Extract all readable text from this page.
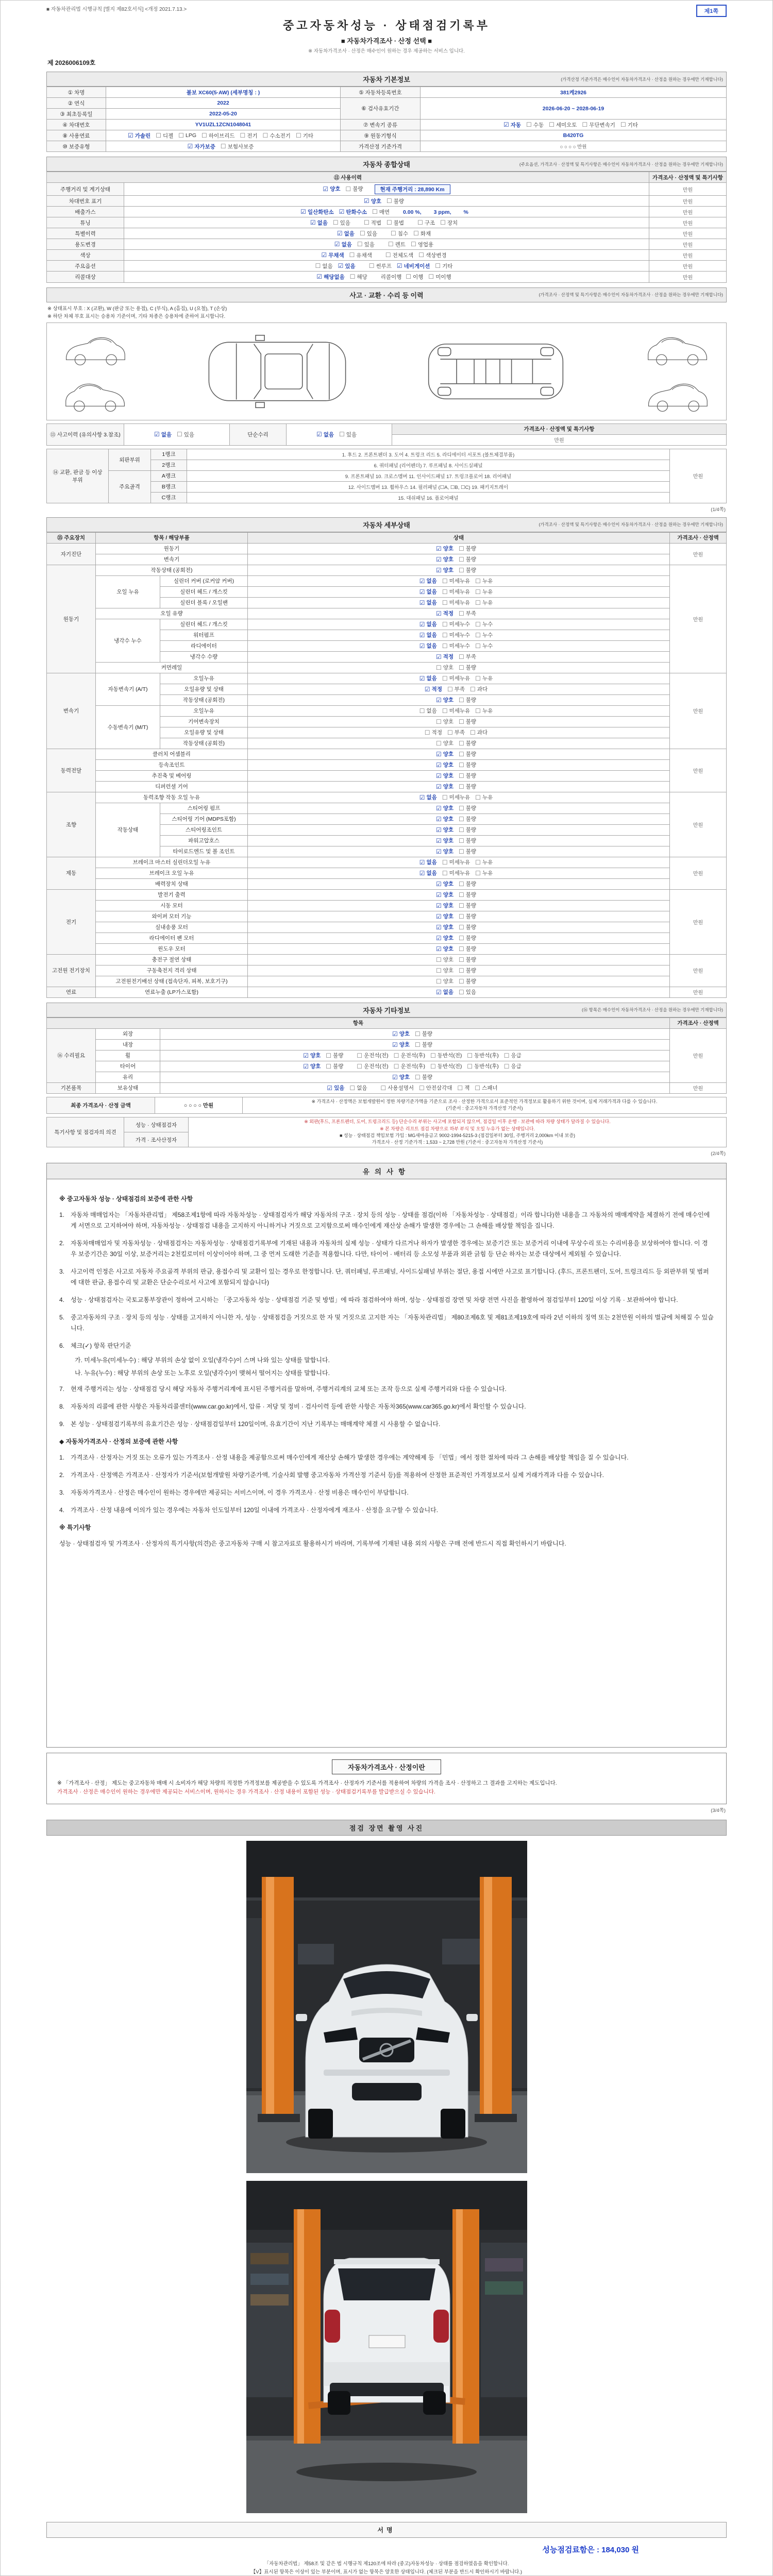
■ 자동차관리법 시행규칙 [별지 제82호서식] <개정 2021.7.13.>	제1쪽
중고자동차성능 · 상태점검기록부
■ 자동차가격조사 · 산정 선택 ■
※ 자동차가격조사 · 산정은 매수인이 원하는 경우 제공하는 서비스 입니다.
제 2026006109호
자동차 기본정보	(가격산정 기준가격은 매수인이 자동차가격조사 · 산정을 원하는 경우에만 기재합니다)
① 차명	볼보 XC60(5·AW) (세부명칭 : )	⑤ 자동차등록번호	381케2926
② 연식	2022	⑥ 검사유효기간	2026-06-20 ~ 2028-06-19
③ 최초등록일	2022-05-20		
④ 차대번호	YV1UZL1ZCN1048041	⑦ 변속기 종류	☑ 자동 ☐ 수동 ☐ 세미오토 ☐ 무단변속기 ☐ 기타

⑧ 사용연료	☑ 가솔린 ☐ 디젤 ☐ LPG ☐ 하이브리드 ☐ 전기 ☐ 수소전기 ☐ 기타	⑨ 원동기형식	B420TG
⑩ 보증유형	☑ 자가보증 ☐ 보험사보증	가격산정 기준가격	○ ○ ○ ○ 만원
자동차 종합상태	(주요옵션, 가격조사 · 산정액 및 특기사항은 매수인이 자동차가격조사 · 산정을 원하는 경우에만 기재합니다)
⑪ 사용이력		가격조사 · 산정액 및 특기사항
주행거리 및 계기상태	☑ 양호 ☐ 불량 현재 주행거리 : 28,890 Km	만원
차대번호 표기	☑ 양호 ☐ 불량	만원
배출가스	☑ 일산화탄소 ☑ 탄화수소 ☐ 매연 0.00 %, 3 ppm, %	만원
튜닝	☑ 없음 ☐ 있음 ☐ 적법 ☐ 불법 ☐ 구조 ☐ 장치	만원
특별이력	☑ 없음 ☐ 있음 ☐ 침수 ☐ 화재	만원
용도변경	☑ 없음 ☐ 있음 ☐ 렌트 ☐ 영업용	만원
색상	☑ 무채색 ☐ 유채색 ☐ 전체도색 ☐ 색상변경	만원
주요옵션	☐ 없음 ☑ 있음 ☐ 썬루프 ☑ 네비게이션 ☐ 기타	만원
리콜대상	☑ 해당없음 ☐ 해당 리콜이행 ☐ 이행 ☐ 미이행	만원
사고 · 교환 · 수리 등 이력	(가격조사 · 산정액 및 특기사항은 매수인이 자동차가격조사 · 산정을 원하는 경우에만 기재합니다)
※ 상태표시 부호 : X (교환), W (판금 또는 용접), C (부식), A (흠집), U (요철), T (손상)
※ 하단 차체 부호 표시는 승용차 기준이며, 기타 차종은 승용차에 준하여 표시합니다.
⑬ 사고이력 (유의사항 3.참조)	☑ 없음 ☐ 있음	단순수리	☑ 없음 ☐ 있음
	가격조사 · 산정액 및 특기사항
만원
⑭ 교환, 판금 등 이상 부위	외판부위	1랭크	1. 후드 2. 프론트펜더 3. 도어 4. 트렁크 리드 5. 라디에이터 서포트 (볼트체결부품)	만원
		2랭크	6. 쿼터패널 (리어펜더) 7. 루프패널 8. 사이드실패널	
	주요골격	A랭크	9. 프론트패널 10. 크로스멤버 11. 인사이드패널 17. 트렁크플로어 18. 리어패널	
		B랭크	12. 사이드멤버 13. 휠하우스 14. 필러패널 (☐A, ☐B, ☐C) 19. 패키지트레이	
		C랭크	15. 대쉬패널 16. 플로어패널	
(1/4쪽)
자동차 세부상태	(가격조사 · 산정액 및 특기사항은 매수인이 자동차가격조사 · 산정을 원하는 경우에만 기재합니다)
⑮ 주요장치	항목 / 해당부품		상태	가격조사 · 산정액
자기진단	원동기		☑ 양호 ☐ 불량	만원
	변속기		☑ 양호 ☐ 불량	

원동기	작동상태 (공회전)		☑ 양호 ☐ 불량	만원
오일 누유	실린더 커버 (로커암 커버)	☑ 없음 ☐ 미세누유 ☐ 누유

실린더 헤드 / 개스킷	☑ 없음 ☐ 미세누유 ☐ 누유

실린더 블록 / 오일팬	☑ 없음 ☐ 미세누유 ☐ 누유

	오일 유량		☑ 적정 ☐ 부족	

냉각수 누수	실린더 헤드 / 개스킷	☑ 없음 ☐ 미세누수 ☐ 누수

워터펌프	☑ 없음 ☐ 미세누수 ☐ 누수

라디에이터	☑ 없음 ☐ 미세누수 ☐ 누수

		냉각수 수량	☑ 적정 ☐ 부족	

	커먼레일		☐ 양호 ☐ 불량	

변속기	자동변속기 (A/T)	오일누유	☑ 없음 ☐ 미세누유 ☐ 누유
	만원
오일유량 및 상태	☑ 적정 ☐ 부족 ☐ 과다

		작동상태 (공회전)	☑ 양호 ☐ 불량	

수동변속기 (M/T)	오일누유	☐ 없음 ☐ 미세누유 ☐ 누유

		기어변속장치	☐ 양호 ☐ 불량	

오일유량 및 상태	☐ 적정 ☐ 부족 ☐ 과다

		작동상태 (공회전)	☐ 양호 ☐ 불량	

동력전달	클러치 어셈블리		☑ 양호 ☐ 불량	만원
	등속조인트		☑ 양호 ☐ 불량	

	추진축 및 베어링		☑ 양호 ☐ 불량	

	디퍼런셜 기어		☑ 양호 ☐ 불량	

조향	동력조향 작동 오일 누유	☑ 없음 ☐ 미세누유 ☐ 누유
	만원
	작동상태	스티어링 펌프	☑ 양호 ☐ 불량	

		스티어링 기어 (MDPS포함)	☑ 양호 ☐ 불량	

		스티어링조인트	☑ 양호 ☐ 불량	

		파워고압호스	☑ 양호 ☐ 불량	

		타이로드엔드 및 볼 조인트	☑ 양호 ☐ 불량	

제동	브레이크 마스터 실린더오일 누유	☑ 없음 ☐ 미세누유 ☐ 누유
	만원
브레이크 오일 누유	☑ 없음 ☐ 미세누유 ☐ 누유

	배력장치 상태		☑ 양호 ☐ 불량	

전기	발전기 출력		☑ 양호 ☐ 불량	만원
	시동 모터		☑ 양호 ☐ 불량	

	와이퍼 모터 기능		☑ 양호 ☐ 불량	

	실내송풍 모터		☑ 양호 ☐ 불량	

	라디에이터 팬 모터		☑ 양호 ☐ 불량	

	윈도우 모터		☑ 양호 ☐ 불량	

고전원 전기장치	충전구 절연 상태		☐ 양호 ☐ 불량	만원
	구동축전지 격리 상태		☐ 양호 ☐ 불량	

	고전원전기배선 상태 (접속단자, 피복, 보호기구)		☐ 양호 ☐ 불량	

연료	연료누출 (LP가스포함)		☑ 없음 ☐ 있음	만원
자동차 기타정보	(⑯ 항목은 매수인이 자동차가격조사 · 산정을 원하는 경우에만 기재합니다)
항목			가격조사 · 산정액
⑯ 수리필요	외장	☑ 양호 ☐ 불량	만원
	내장	☑ 양호 ☐ 불량	

휠	☑ 양호 ☐ 불량 ☐ 운전석(전) ☐ 운전석(후) ☐ 동반석(전) ☐ 동반석(후) ☐ 응급

타이어	☑ 양호 ☐ 불량 ☐ 운전석(전) ☐ 운전석(후) ☐ 동반석(전) ☐ 동반석(후) ☐ 응급

	유리	☑ 양호 ☐ 불량	

기본품목	보유상태	☑ 있음 ☐ 없음 ☐ 사용설명서 ☐ 안전삼각대 ☐ 잭 ☐ 스패너	만원
최종 가격조사 · 산정 금액	○ ○ ○ ○ 만원	
※ 가격조사 · 산정액은 보험개발원이 정한 차량기준가액을 기준으로 조사 · 산정한 가격으로서 표준적인 가격정보로 활용하기 위한 것이며, 실제 거래가격과 다를 수 있습니다.
(기준서 : 중고자동차 가격산정 기준서)
특기사항 및 점검자의 의견	성능 · 상태점검자	
※ 외판(후드, 프론트펜더, 도어, 트렁크리드 등) 단순수리 부위는 사고에 포함되지 않으며, 점검일 이후 운행 · 보관에 따라 차량 상태가 달라질 수 있습니다.
※ 본 차량은 리프트 점검 차량으로 하부 부식 및 오일 누유가 없는 상태입니다.
■ 성능 · 상태점검 책임보험 가입 : MG새마을금고 9002-1994-5215-3 (점검일부터 30일, 주행거리 2,000km 이내 보증)
가격조사 · 산정 기준가격 : 1,533 ~ 2,728 만원 (기준서 : 중고자동차 가격산정 기준서)

가격 · 조사산정자
(2/4쪽)
유의사항
※ 중고자동차 성능 · 상태점검의 보증에 관한 사항
1. 자동차 매매업자는 「자동차관리법」 제58조제1항에 따라 자동차성능 · 상태점검자가 해당 자동차의 구조 · 장치 등의 성능 · 상태를 점검(이하 「자동차성능 · 상태점검」이라 합니다)한 내용을 그 자동차의 매매계약을 체결하기 전에 매수인에게 서면으로 고지하여야 하며, 자동차성능 · 상태점검 내용을 고지하지 아니하거나 거짓으로 고지함으로써 매수인에게 재산상 손해가 발생한 경우에는 그 손해를 배상할 책임을 집니다.
2. 자동차매매업자 및 자동차성능 · 상태점검자는 자동차성능 · 상태점검기록부에 기재된 내용과 자동차의 실제 성능 · 상태가 다르거나 하자가 발생한 경우에는 보증기간 또는 보증거리 이내에 무상수리 또는 수리비용을 보상하여야 합니다. 이 경우 보증기간은 30일 이상, 보증거리는 2천킬로미터 이상이어야 하며, 그 중 먼저 도래한 기준을 적용합니다. 다만, 타이어 · 배터리 등 소모성 부품과 외관 긁힘 등 단순 하자는 보증 대상에서 제외될 수 있습니다.
3. 사고이력 인정은 사고로 자동차 주요골격 부위의 판금, 용접수리 및 교환이 있는 경우로 한정합니다. 단, 쿼터패널, 루프패널, 사이드실패널 부위는 절단, 용접 시에만 사고로 표기합니다. (후드, 프론트펜더, 도어, 트렁크리드 등 외판부위 및 범퍼에 대한 판금, 용접수리 및 교환은 단순수리로서 사고에 포함되지 않습니다)
4. 성능 · 상태점검자는 국토교통부장관이 정하여 고시하는 「중고자동차 성능 · 상태점검 기준 및 방법」에 따라 점검하여야 하며, 성능 · 상태점검 장면 및 차량 전면 사진을 촬영하여 점검일부터 120일 이상 기록 · 보관하여야 합니다.
5. 중고자동차의 구조 · 장치 등의 성능 · 상태를 고지하지 아니한 자, 성능 · 상태점검을 거짓으로 한 자 및 거짓으로 고지한 자는 「자동차관리법」 제80조제6호 및 제81조제19호에 따라 2년 이하의 징역 또는 2천만원 이하의 벌금에 처해질 수 있습니다.
6. 체크(✓) 항목 판단기준
가. 미세누유(미세누수) : 해당 부위의 손상 없이 오일(냉각수)이 스며 나와 있는 상태를 말합니다.
나. 누유(누수) : 해당 부위의 손상 또는 노후로 오일(냉각수)이 맺혀서 떨어지는 상태를 말합니다.
7. 현재 주행거리는 성능 · 상태점검 당시 해당 자동차 주행거리계에 표시된 주행거리를 말하며, 주행거리계의 교체 또는 조작 등으로 실제 주행거리와 다를 수 있습니다.
8. 자동차의 리콜에 관한 사항은 자동차리콜센터(www.car.go.kr)에서, 압류 · 저당 및 정비 · 검사이력 등에 관한 사항은 자동차365(www.car365.go.kr)에서 확인할 수 있습니다.
9. 본 성능 · 상태점검기록부의 유효기간은 성능 · 상태점검일부터 120일이며, 유효기간이 지난 기록부는 매매계약 체결 시 사용할 수 없습니다.
◆ 자동차가격조사 · 산정의 보증에 관한 사항
1. 가격조사 · 산정자는 거짓 또는 오류가 있는 가격조사 · 산정 내용을 제공함으로써 매수인에게 재산상 손해가 발생한 경우에는 계약해제 등 「민법」에서 정한 절차에 따라 그 손해를 배상할 책임을 질 수 있습니다.
2. 가격조사 · 산정액은 가격조사 · 산정자가 기준서(보험개발원 차량기준가액, 기술사회 발행 중고자동차 가격산정 기준서 등)를 적용하여 산정한 표준적인 가격정보로서 실제 거래가격과 다를 수 있습니다.
3. 자동차가격조사 · 산정은 매수인이 원하는 경우에만 제공되는 서비스이며, 이 경우 가격조사 · 산정 비용은 매수인이 부담합니다.
4. 가격조사 · 산정 내용에 이의가 있는 경우에는 자동차 인도일부터 120일 이내에 가격조사 · 산정자에게 재조사 · 산정을 요구할 수 있습니다.
※ 특기사항
성능 · 상태점검자 및 가격조사 · 산정자의 특기사항(의견)은 중고자동차 구매 시 참고자료로 활용하시기 바라며, 기록부에 기재된 내용 외의 사항은 구매 전에 반드시 직접 확인하시기 바랍니다.
자동차가격조사 · 산정이란
※ 「가격조사 · 산정」 제도는 중고자동차 매매 시 소비자가 해당 차량의 적정한 가격정보를 제공받을 수 있도록 가격조사 · 산정자가 기준서를 적용하여 차량의 가격을 조사 · 산정하고 그 결과를 고지하는 제도입니다.
가격조사 · 산정은 매수인이 원하는 경우에만 제공되는 서비스이며, 원하시는 경우 가격조사 · 산정 내용이 포함된 성능 · 상태점검기록부를 발급받으실 수 있습니다.
(3/4쪽)
점검 장면 촬영 사진
서명
성능점검료함은 : 184,030 원
「자동차관리법」 제58조 및 같은 법 시행규칙 제120조에 따라 (중고)자동차성능 · 상태를 점검하였음을 확인합니다.
【V】표시된 항목은 이상이 있는 부분이며, 표시가 없는 항목은 양호한 상태입니다. (체크된 부분을 반드시 확인하시기 바랍니다.)
